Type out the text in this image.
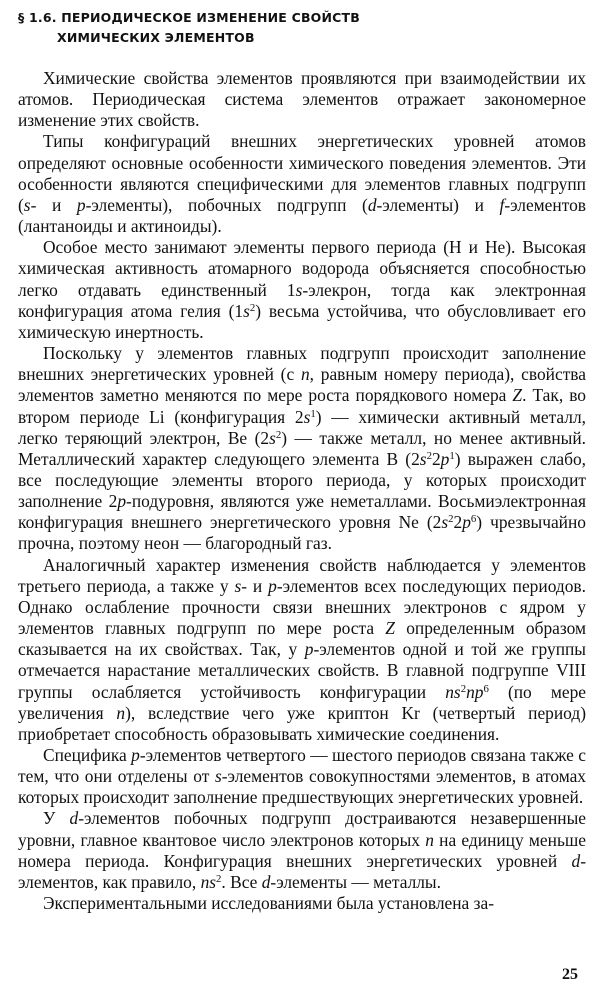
§ 1.6. ПЕРИОДИЧЕСКОЕ ИЗМЕНЕНИЕ СВОЙСТВ
ХИМИЧЕСКИХ ЭЛЕМЕНТОВ

Химические свойства элементов проявляются при взаимодействии их атомов. Периодическая система элементов отражает закономерное изменение этих свойств.

Типы конфигураций внешних энергетических уровней атомов определяют основные особенности химического поведения элементов. Эти особенности являются специфическими для элементов главных подгрупп (s- и p-элементы), побочных подгрупп (d-элементы) и f-элементов (лантаноиды и актиноиды).

Особое место занимают элементы первого периода (H и He). Высокая химическая активность атомарного водорода объясняется способностью легко отдавать единственный 1s-элекрон, тогда как электронная конфигурация атома гелия $(1s^2)$ весьма устойчива, что обусловливает его химическую инертность.

Поскольку у элементов главных подгрупп происходит заполнение внешних энергетических уровней (с n, равным номеру периода), свойства элементов заметно меняются по мере роста порядкового номера Z. Так, во втором периоде Li (конфигурация $2s^1$) — химически активный металл, легко теряющий электрон, Be $(2s^2)$ — также металл, но менее активный. Металлический характер следующего элемента B $(2s^22p^1)$ выражен слабо, все последующие элементы второго периода, у которых происходит заполнение 2p-подуровня, являются уже неметаллами. Восьмиэлектронная конфигурация внешнего энергетического уровня Ne $(2s^22p^6)$ чрезвычайно прочна, поэтому неон — благородный газ.

Аналогичный характер изменения свойств наблюдается у элементов третьего периода, а также у s- и p-элементов всех последующих периодов. Однако ослабление прочности связи внешних электронов с ядром у элементов главных подгрупп по мере роста Z определенным образом сказывается на их свойствах. Так, у p-элементов одной и той же группы отмечается нарастание металлических свойств. В главной подгруппе VIII группы ослабляется устойчивость конфигурации $ns^2np^6$ (по мере увеличения n), вследствие чего уже криптон Kr (четвертый период) приобретает способность образовывать химические соединения.

Специфика p-элементов четвертого — шестого периодов связана также с тем, что они отделены от s-элементов совокупностями элементов, в атомах которых происходит заполнение предшествующих энергетических уровней.

У d-элементов побочных подгрупп достраиваются незавершенные уровни, главное квантовое число электронов которых n на единицу меньше номера периода. Конфигурация внешних энергетических уровней d-элементов, как правило, $ns^2$. Все d-элементы — металлы.

Экспериментальными исследованиями была установлена за-

25
